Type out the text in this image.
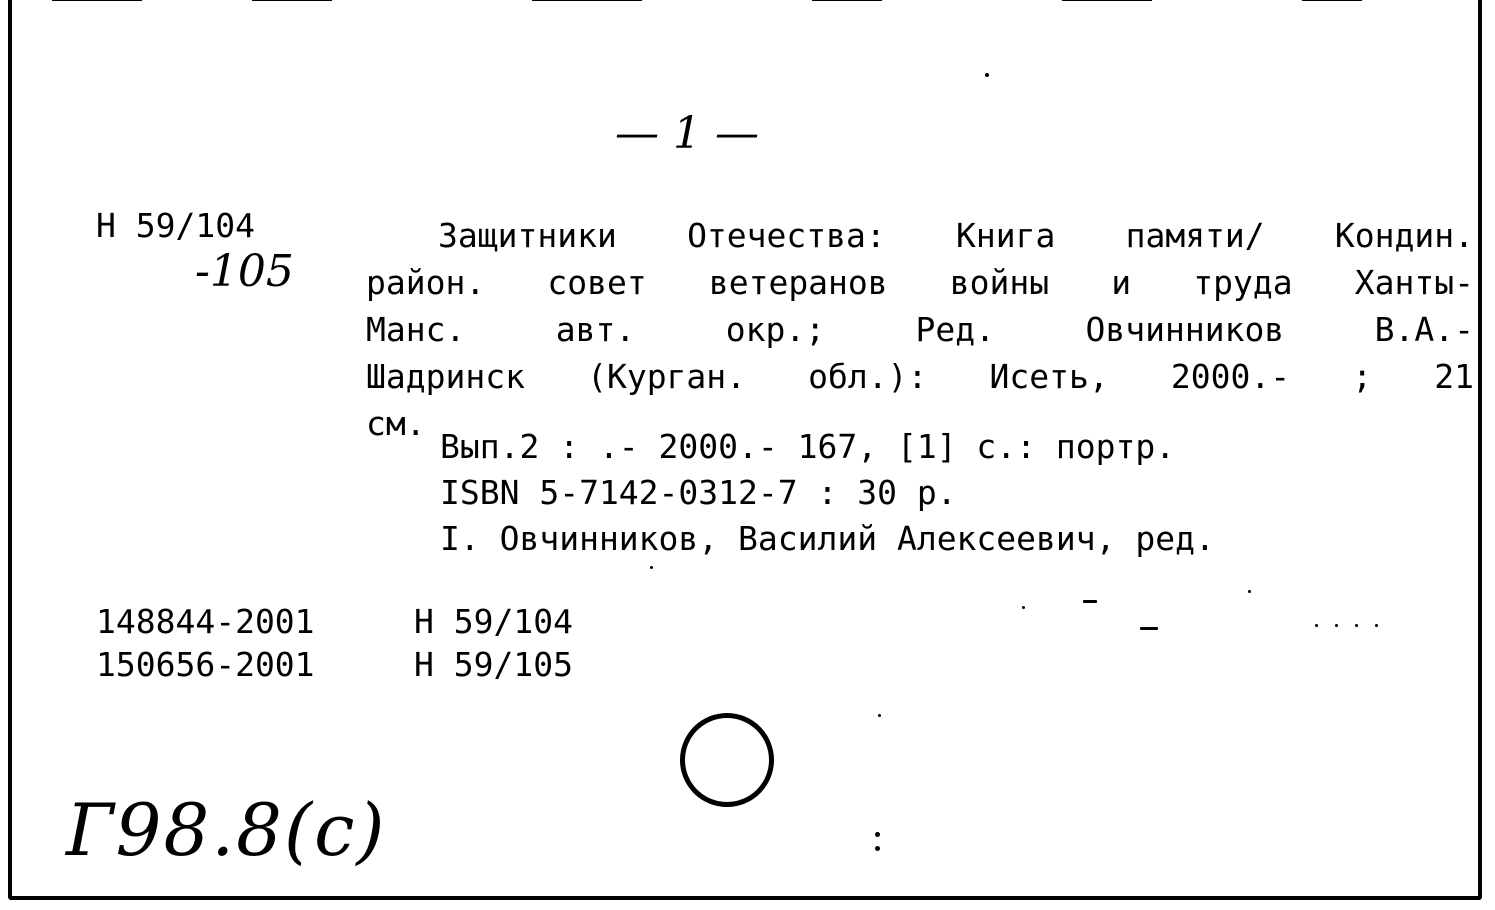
— 1 —
Н 59/104
-105
Защитники Отечества: Книга памяти/ Кондин.
район. совет ветеранов войны и труда Ханты-
Манс. авт. окр.; Ред. Овчинников В.А.-
Шадринск (Курган. обл.): Исеть, 2000.- ; 21
см.
Вып.2 : .- 2000.- 167, [1] с.: портр.
ISBN 5-7142-0312-7 : 30 р.
I. Овчинников, Василий Алексеевич, ред.
148844-2001	Н 59/104
150656-2001	Н 59/105
Г98.8(с)
